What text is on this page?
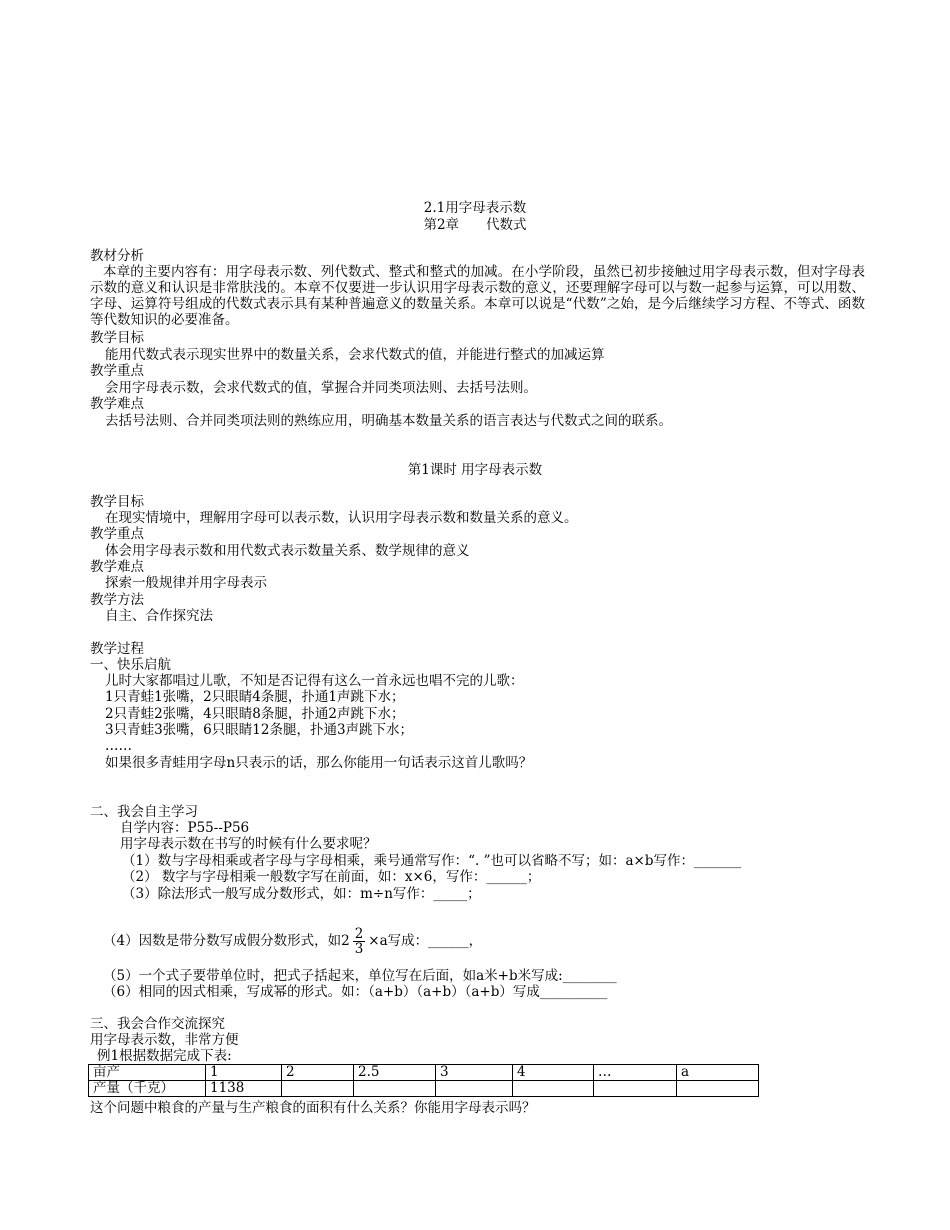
2.1用字母表示数
第2章　　代数式
教材分析
本章的主要内容有：用字母表示数、列代数式、整式和整式的加减。在小学阶段，虽然已初步接触过用字母表示数，但对字母表示数的意义和认识是非常肤浅的。本章不仅要进一步认识用字母表示数的意义，还要理解字母可以与数一起参与运算，可以用数、字母、运算符号组成的代数式表示具有某种普遍意义的数量关系。本章可以说是“代数”之始，是今后继续学习方程、不等式、函数等代数知识的必要准备。
教学目标
能用代数式表示现实世界中的数量关系，会求代数式的值，并能进行整式的加减运算
教学重点
会用字母表示数，会求代数式的值，掌握合并同类项法则、去括号法则。
教学难点
去括号法则、合并同类项法则的熟练应用，明确基本数量关系的语言表达与代数式之间的联系。
第1课时 用字母表示数
教学目标
在现实情境中，理解用字母可以表示数，认识用字母表示数和数量关系的意义。
教学重点
体会用字母表示数和用代数式表示数量关系、数学规律的意义
教学难点
探索一般规律并用字母表示
教学方法
自主、合作探究法
教学过程
一、快乐启航
儿时大家都唱过儿歌，不知是否记得有这么一首永远也唱不完的儿歌：
1只青蛙1张嘴，2只眼睛4条腿，扑通1声跳下水；
2只青蛙2张嘴，4只眼睛8条腿，扑通2声跳下水；
3只青蛙3张嘴，6只眼睛12条腿，扑通3声跳下水；
……
如果很多青蛙用字母n只表示的话，那么你能用一句话表示这首儿歌吗？
二、我会自主学习
自学内容：P55--P56
用字母表示数在书写的时候有什么要求呢？
（1）数与字母相乘或者字母与字母相乘，乘号通常写作：“. ”也可以省略不写；如：a×b写作：_______
（2） 数字与字母相乘一般数字写在前面，如：x×6，写作：______；
（3）除法形式一般写成分数形式，如：m÷n写作：_____；
（4）因数是带分数写成假分数形式，如$2 \frac{2}{3} \times a$写成：______，
（5）一个式子要带单位时，把式子括起来，单位写在后面，如a米+b米写成:________
（6）相同的因式相乘，写成幂的形式。如：（a+b）（a+b）（a+b）写成__________
三、我会合作交流探究
用字母表示数，非常方便
例1根据数据完成下表:
亩产	1	2	2.5	3	4	…	a
产量（千克）	1138						
这个问题中粮食的产量与生产粮食的面积有什么关系？你能用字母表示吗？
